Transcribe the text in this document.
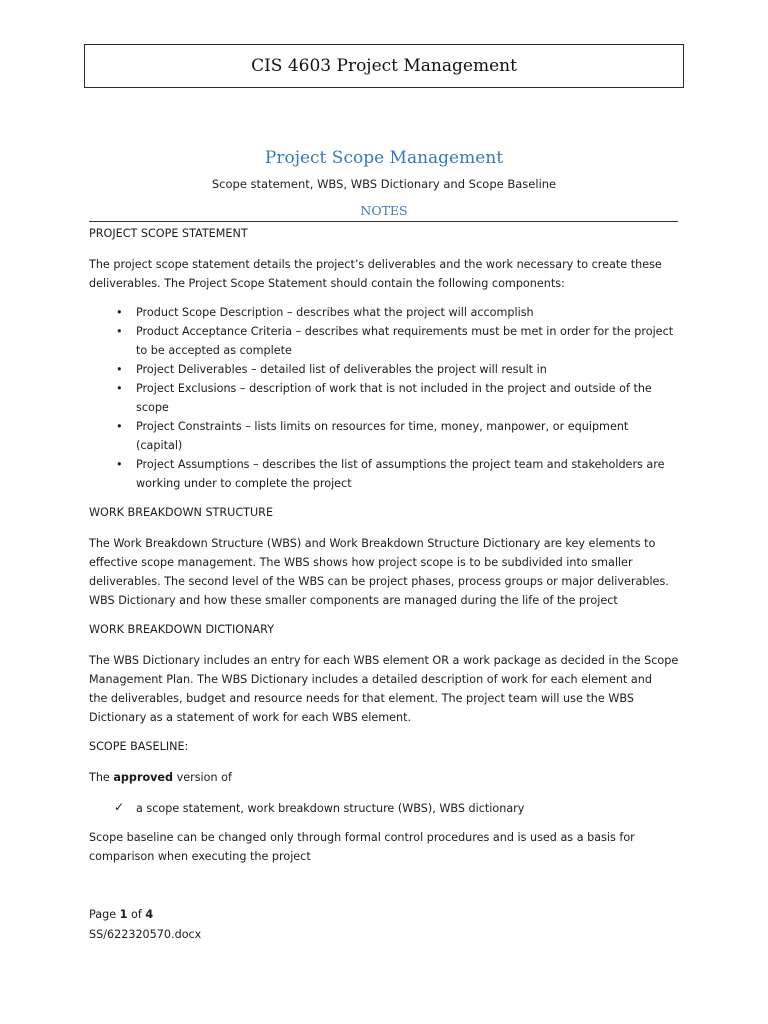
CIS 4603 Project Management
Project Scope Management
Scope statement, WBS, WBS Dictionary and Scope Baseline
NOTES

PROJECT SCOPE STATEMENT

The project scope statement details the project’s deliverables and the work necessary to create these
deliverables. The Project Scope Statement should contain the following components:

• Product Scope Description – describes what the project will accomplish
• Product Acceptance Criteria – describes what requirements must be met in order for the project
to be accepted as complete
• Project Deliverables – detailed list of deliverables the project will result in
• Project Exclusions – description of work that is not included in the project and outside of the
scope
• Project Constraints – lists limits on resources for time, money, manpower, or equipment
(capital)
• Project Assumptions – describes the list of assumptions the project team and stakeholders are
working under to complete the project

WORK BREAKDOWN STRUCTURE

The Work Breakdown Structure (WBS) and Work Breakdown Structure Dictionary are key elements to
effective scope management. The WBS shows how project scope is to be subdivided into smaller
deliverables. The second level of the WBS can be project phases, process groups or major deliverables.
WBS Dictionary and how these smaller components are managed during the life of the project

WORK BREAKDOWN DICTIONARY

The WBS Dictionary includes an entry for each WBS element OR a work package as decided in the Scope
Management Plan. The WBS Dictionary includes a detailed description of work for each element and
the deliverables, budget and resource needs for that element. The project team will use the WBS
Dictionary as a statement of work for each WBS element.

SCOPE BASELINE:

The approved version of

✓ a scope statement, work breakdown structure (WBS), WBS dictionary

Scope baseline can be changed only through formal control procedures and is used as a basis for
comparison when executing the project

Page 1 of 4
SS/622320570.docx
